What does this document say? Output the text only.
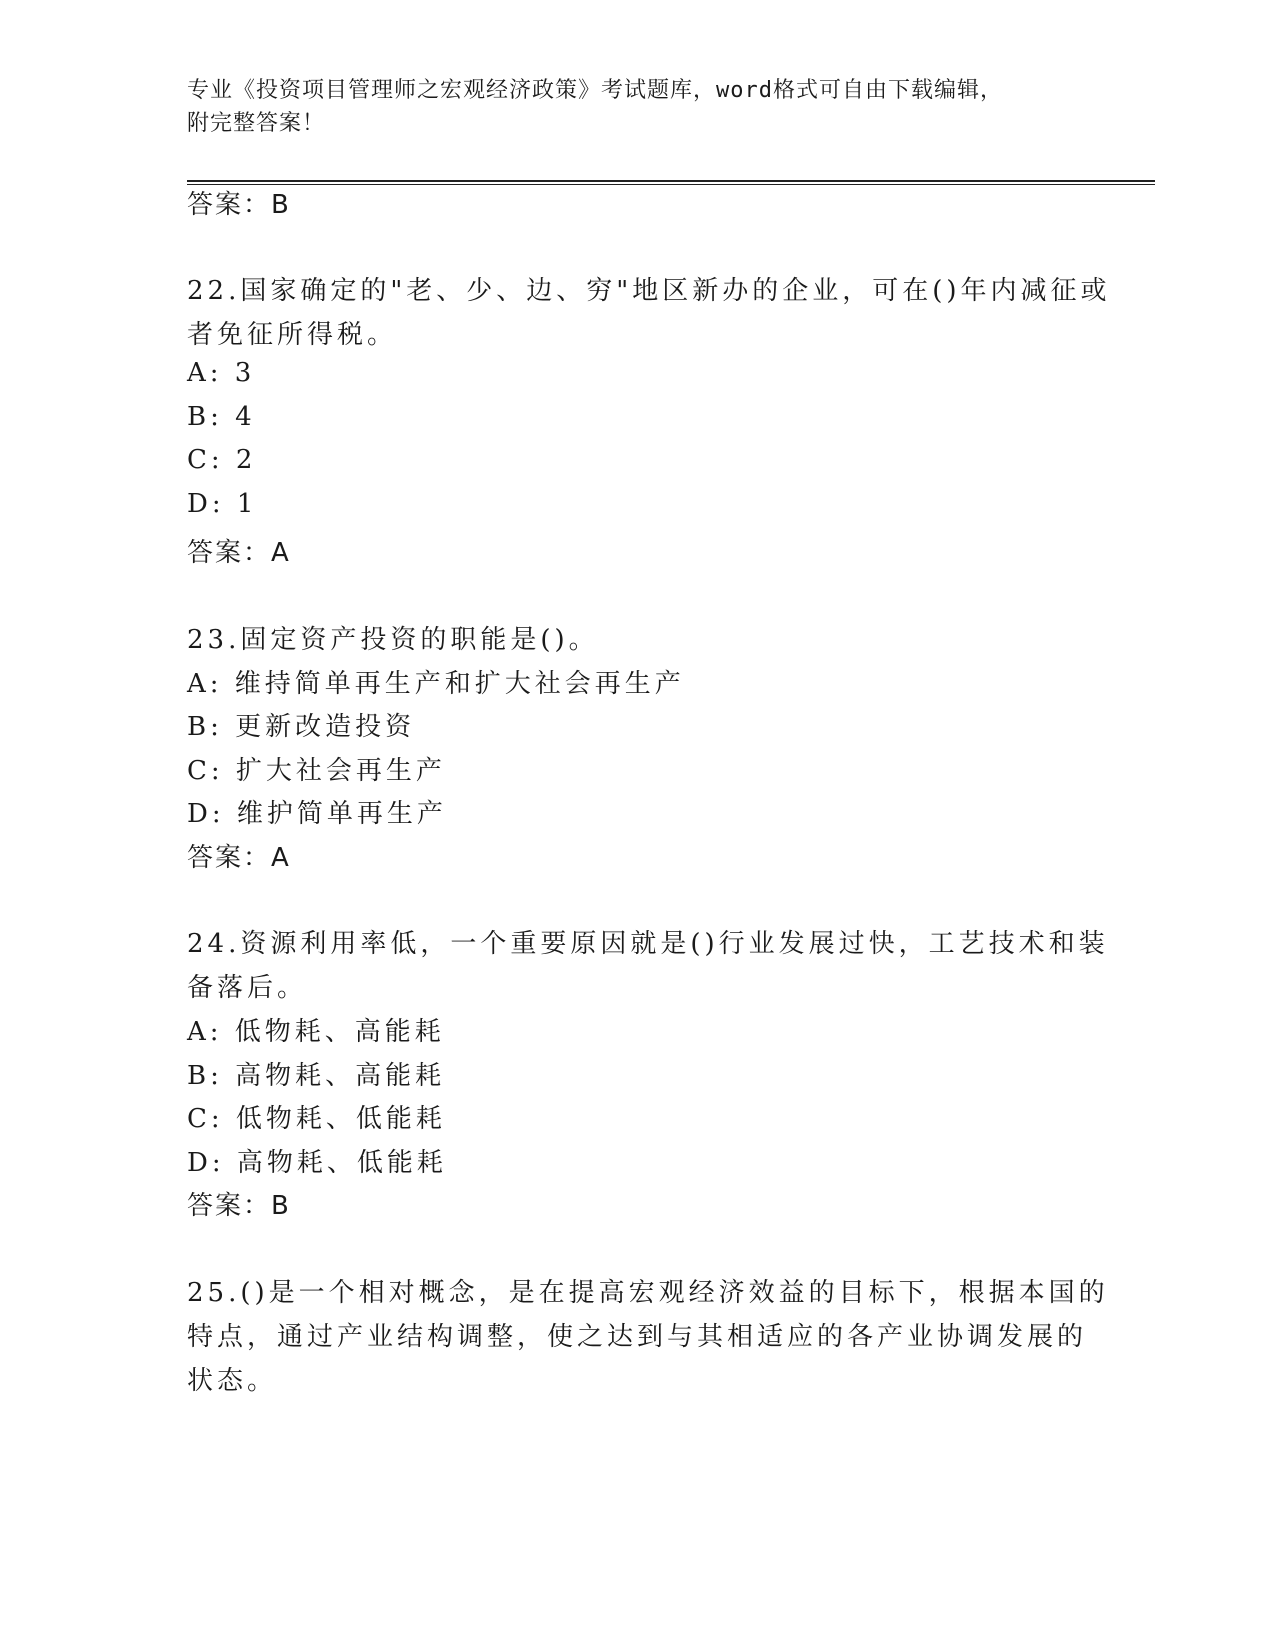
专业《投资项目管理师之宏观经济政策》考试题库，word格式可自由下载编辑，
附完整答案！
答案：B
22.国家确定的"老、少、边、穷"地区新办的企业，可在()年内减征或
者免征所得税。
A: 3
B: 4
C: 2
D: 1
答案：A
23.固定资产投资的职能是()。
A: 维持简单再生产和扩大社会再生产
B: 更新改造投资
C: 扩大社会再生产
D: 维护简单再生产
答案：A
24.资源利用率低，一个重要原因就是()行业发展过快，工艺技术和装
备落后。
A: 低物耗、高能耗
B: 高物耗、高能耗
C: 低物耗、低能耗
D: 高物耗、低能耗
答案：B
25.()是一个相对概念，是在提高宏观经济效益的目标下，根据本国的
特点，通过产业结构调整，使之达到与其相适应的各产业协调发展的
状态。
